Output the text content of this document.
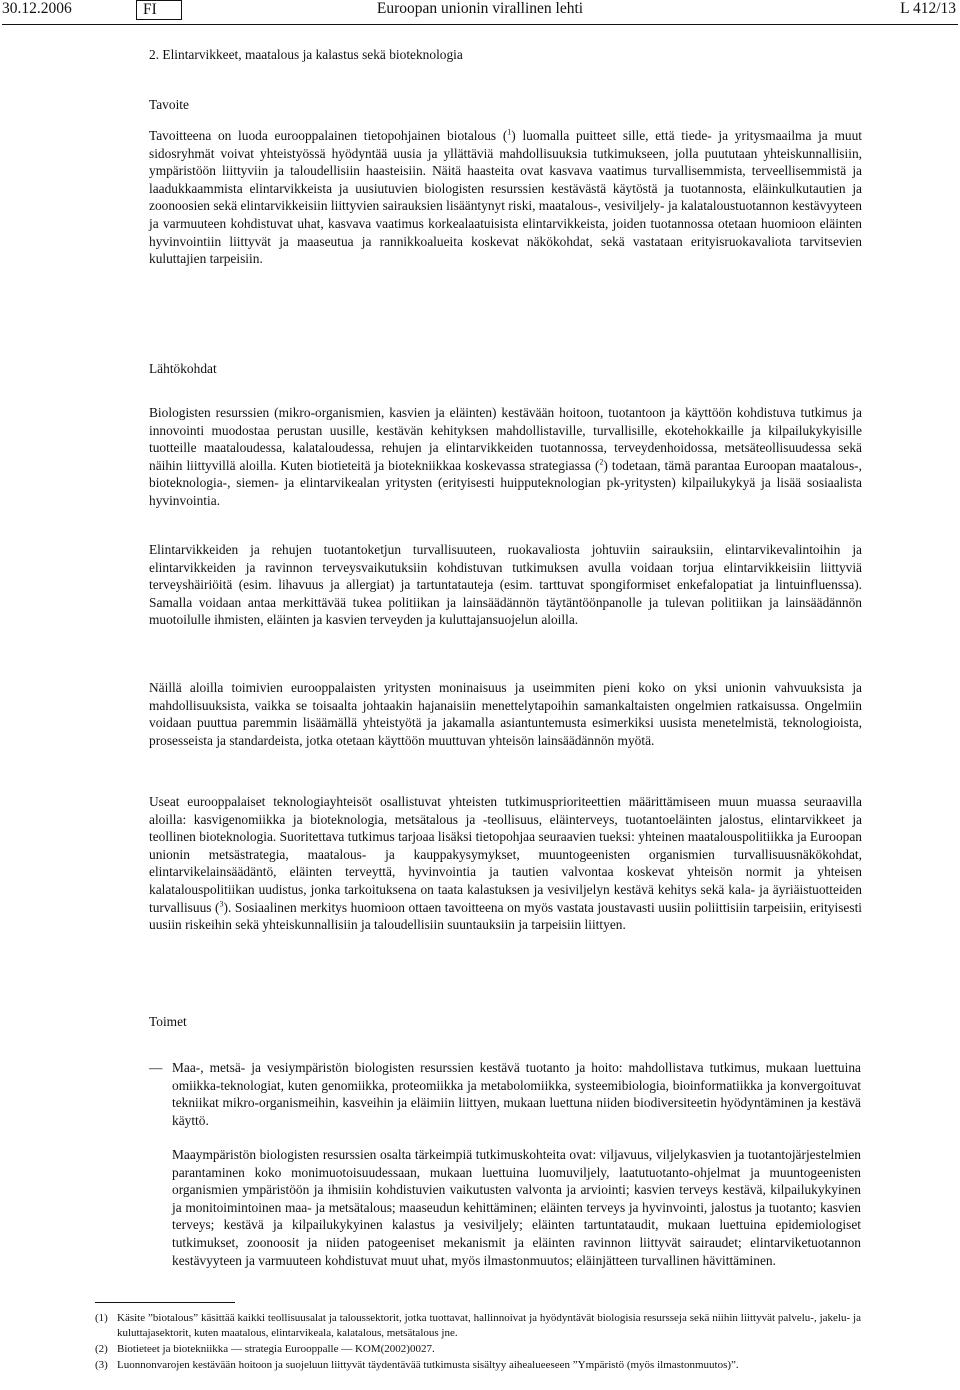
30.12.2006	FI	Euroopan unionin virallinen lehti	L 412/13
2. Elintarvikkeet, maatalous ja kalastus sekä bioteknologia
Tavoite
Tavoitteena on luoda eurooppalainen tietopohjainen biotalous ($^1$) luomalla puitteet sille, että tiede- ja yritysmaailma ja muut sidosryhmät voivat yhteistyössä hyödyntää uusia ja yllättäviä mahdollisuuksia tutkimukseen, jolla puututaan yhteiskunnallisiin, ympäristöön liittyviin ja taloudellisiin haasteisiin. Näitä haasteita ovat kasvava vaatimus turvallisemmista, terveellisemmistä ja laadukkaammista elintarvikkeista ja uusiutuvien biologisten resurssien kestävästä käytöstä ja tuotannosta, eläinkulkutautien ja zoonoosien sekä elintarvikkeisiin liittyvien sairauksien lisääntynyt riski, maatalous-, vesiviljely- ja kalataloustuotannon kestävyyteen ja varmuuteen kohdistuvat uhat, kasvava vaatimus korkealaatuisista elintarvikkeista, joiden tuotannossa otetaan huomioon eläinten hyvinvointiin liittyvät ja maaseutua ja rannikkoalueita koskevat näkökohdat, sekä vastataan erityisruokavaliota tarvitsevien kuluttajien tarpeisiin.
Lähtökohdat
Biologisten resurssien (mikro-organismien, kasvien ja eläinten) kestävään hoitoon, tuotantoon ja käyttöön kohdistuva tutkimus ja innovointi muodostaa perustan uusille, kestävän kehityksen mahdollistaville, turvallisille, ekotehokkaille ja kilpailukykyisille tuotteille maataloudessa, kalataloudessa, rehujen ja elintarvikkeiden tuotannossa, terveydenhoidossa, metsäteollisuudessa sekä näihin liittyvillä aloilla. Kuten biotieteitä ja biotekniikkaa koskevassa strategiassa ($^2$) todetaan, tämä parantaa Euroopan maatalous-, bioteknologia-, siemen- ja elintarvikealan yritysten (erityisesti huipputeknologian pk-yritysten) kilpailukykyä ja lisää sosiaalista hyvinvointia.
Elintarvikkeiden ja rehujen tuotantoketjun turvallisuuteen, ruokavaliosta johtuviin sairauksiin, elintarvikevalintoihin ja elintarvikkeiden ja ravinnon terveysvaikutuksiin kohdistuvan tutkimuksen avulla voidaan torjua elintarvikkeisiin liittyviä terveyshäiriöitä (esim. lihavuus ja allergiat) ja tartuntatauteja (esim. tarttuvat spongiformiset enkefalopatiat ja lintuinfluenssa). Samalla voidaan antaa merkittävää tukea politiikan ja lainsäädännön täytäntöönpanolle ja tulevan politiikan ja lainsäädännön muotoilulle ihmisten, eläinten ja kasvien terveyden ja kuluttajansuojelun aloilla.
Näillä aloilla toimivien eurooppalaisten yritysten moninaisuus ja useimmiten pieni koko on yksi unionin vahvuuksista ja mahdollisuuksista, vaikka se toisaalta johtaakin hajanaisiin menettelytapoihin samankaltaisten ongelmien ratkaisussa. Ongelmiin voidaan puuttua paremmin lisäämällä yhteistyötä ja jakamalla asiantuntemusta esimerkiksi uusista menetelmistä, teknologioista, prosesseista ja standardeista, jotka otetaan käyttöön muuttuvan yhteisön lainsäädännön myötä.
Useat eurooppalaiset teknologiayhteisöt osallistuvat yhteisten tutkimusprioriteettien määrittämiseen muun muassa seuraavilla aloilla: kasvigenomiikka ja bioteknologia, metsätalous ja -teollisuus, eläinterveys, tuotantoeläinten jalostus, elintarvikkeet ja teollinen bioteknologia. Suoritettava tutkimus tarjoaa lisäksi tietopohjaa seuraavien tueksi: yhteinen maatalouspolitiikka ja Euroopan unionin metsästrategia, maatalous- ja kauppakysymykset, muuntogeenisten organismien turvallisuusnäkökohdat, elintarvikelainsäädäntö, eläinten terveyttä, hyvinvointia ja tautien valvontaa koskevat yhteisön normit ja yhteisen kalatalouspolitiikan uudistus, jonka tarkoituksena on taata kalastuksen ja vesiviljelyn kestävä kehitys sekä kala- ja äyriäistuotteiden turvallisuus ($^3$). Sosiaalinen merkitys huomioon ottaen tavoitteena on myös vastata joustavasti uusiin poliittisiin tarpeisiin, erityisesti uusiin riskeihin sekä yhteiskunnallisiin ja taloudellisiin suuntauksiin ja tarpeisiin liittyen.
Toimet
— Maa-, metsä- ja vesiympäristön biologisten resurssien kestävä tuotanto ja hoito: mahdollistava tutkimus, mukaan luettuina omiikka-teknologiat, kuten genomiikka, proteomiikka ja metabolomiikka, systeemibiologia, bioinformatiikka ja konvergoituvat tekniikat mikro-organismeihin, kasveihin ja eläimiin liittyen, mukaan luettuna niiden biodiversiteetin hyödyntäminen ja kestävä käyttö.
Maaympäristön biologisten resurssien osalta tärkeimpiä tutkimuskohteita ovat: viljavuus, viljelykasvien ja tuotantojärjestelmien parantaminen koko monimuotoisuudessaan, mukaan luettuina luomuviljely, laatutuotanto-ohjelmat ja muuntogeenisten organismien ympäristöön ja ihmisiin kohdistuvien vaikutusten valvonta ja arviointi; kasvien terveys kestävä, kilpailukykyinen ja monitoimintoinen maa- ja metsätalous; maaseudun kehittäminen; eläinten terveys ja hyvinvointi, jalostus ja tuotanto; kasvien terveys; kestävä ja kilpailukykyinen kalastus ja vesiviljely; eläinten tartuntataudit, mukaan luettuina epidemiologiset tutkimukset, zoonoosit ja niiden patogeeniset mekanismit ja eläinten ravinnon liittyvät sairaudet; elintarviketuotannon kestävyyteen ja varmuuteen kohdistuvat muut uhat, myös ilmastonmuutos; eläinjätteen turvallinen hävittäminen.
(1) Käsite ”biotalous” käsittää kaikki teollisuusalat ja taloussektorit, jotka tuottavat, hallinnoivat ja hyödyntävät biologisia resursseja sekä niihin liittyvät palvelu-, jakelu- ja kuluttajasektorit, kuten maatalous, elintarvikeala, kalatalous, metsätalous jne.
(2) Biotieteet ja biotekniikka — strategia Eurooppalle — KOM(2002)0027.
(3) Luonnonvarojen kestävään hoitoon ja suojeluun liittyvät täydentävää tutkimusta sisältyy aihealueeseen ”Ympäristö (myös ilmastonmuutos)”.
